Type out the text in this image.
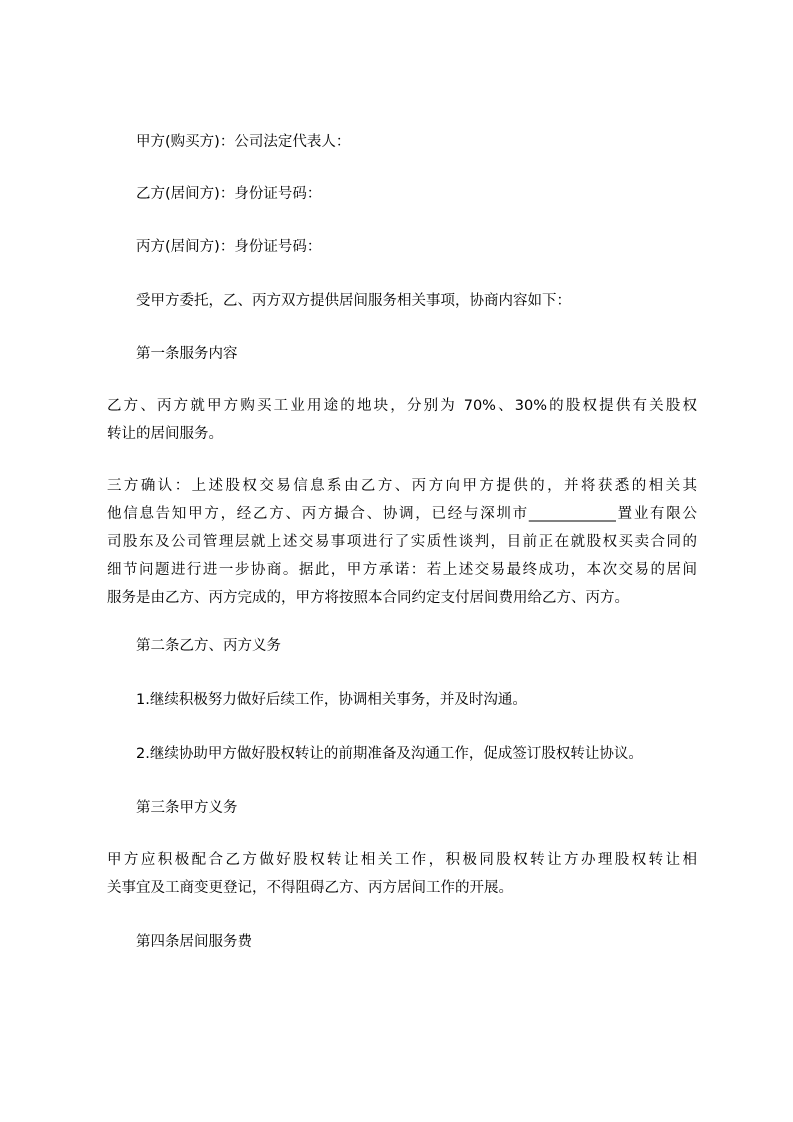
甲方(购买方)：公司法定代表人：

乙方(居间方)：身份证号码：

丙方(居间方)：身份证号码：

受甲方委托，乙、丙方双方提供居间服务相关事项，协商内容如下：

第一条服务内容

乙方、丙方就甲方购买工业用途的地块，分别为 70%、30%的股权提供有关股权
转让的居间服务。
三方确认：上述股权交易信息系由乙方、丙方向甲方提供的，并将获悉的相关其
他信息告知甲方，经乙方、丙方撮合、协调，已经与深圳市____________置业有限公
司股东及公司管理层就上述交易事项进行了实质性谈判，目前正在就股权买卖合同的
细节问题进行进一步协商。据此，甲方承诺：若上述交易最终成功，本次交易的居间
服务是由乙方、丙方完成的，甲方将按照本合同约定支付居间费用给乙方、丙方。

第二条乙方、丙方义务

1.继续积极努力做好后续工作，协调相关事务，并及时沟通。

2.继续协助甲方做好股权转让的前期准备及沟通工作，促成签订股权转让协议。

第三条甲方义务

甲方应积极配合乙方做好股权转让相关工作，积极同股权转让方办理股权转让相
关事宜及工商变更登记，不得阻碍乙方、丙方居间工作的开展。

第四条居间服务费
